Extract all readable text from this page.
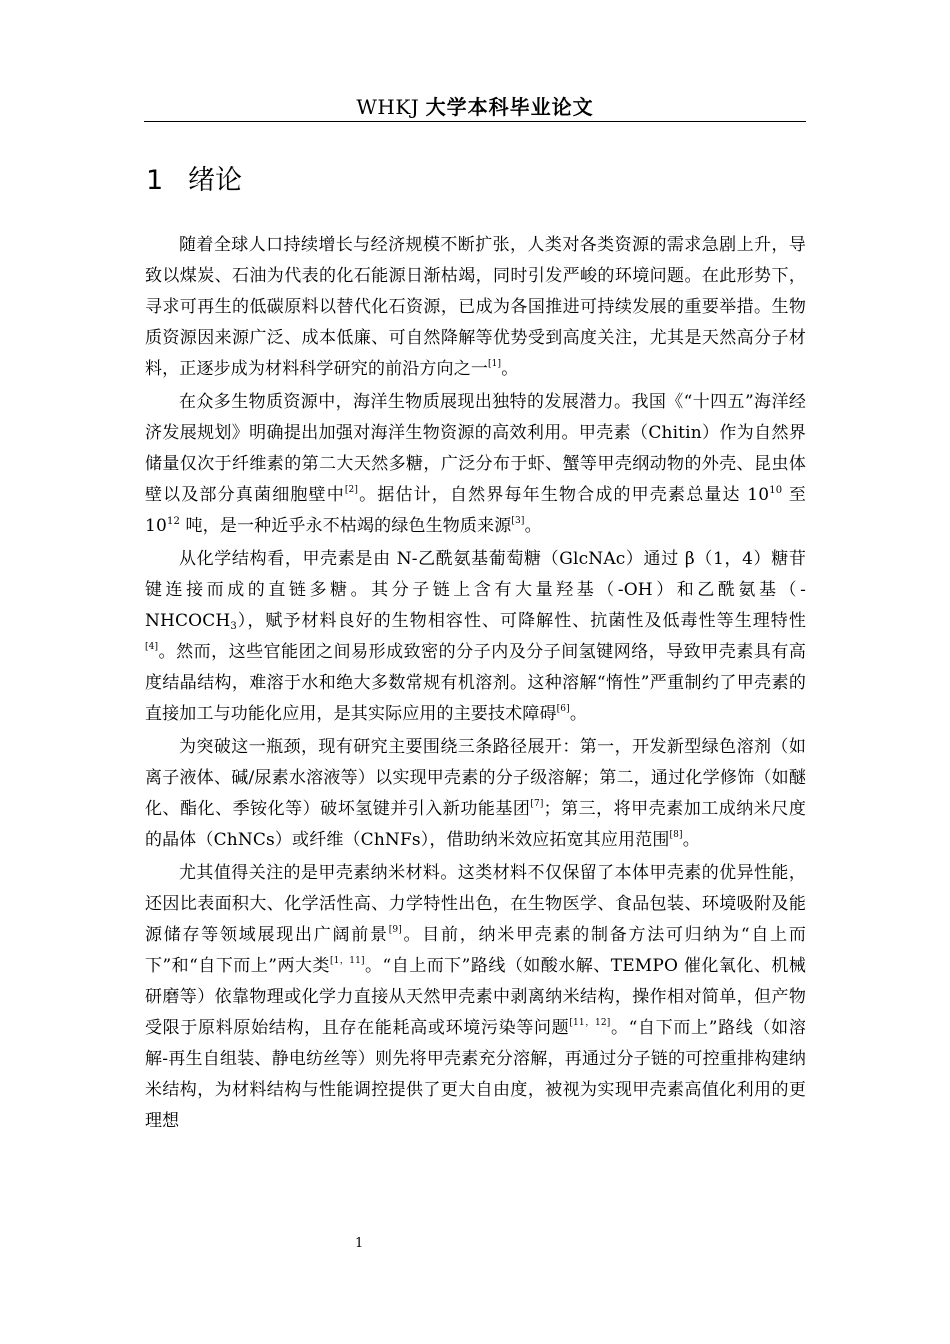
WHKJ 大学本科毕业论文
1 绪论

随着全球人口持续增长与经济规模不断扩张，人类对各类资源的需求急剧上升，导致以煤炭、石油为代表的化石能源日渐枯竭，同时引发严峻的环境问题。在此形势下，寻求可再生的低碳原料以替代化石资源，已成为各国推进可持续发展的重要举措。生物质资源因来源广泛、成本低廉、可自然降解等优势受到高度关注，尤其是天然高分子材料，正逐步成为材料科学研究的前沿方向之一[1]。

在众多生物质资源中，海洋生物质展现出独特的发展潜力。我国《“十四五”海洋经济发展规划》明确提出加强对海洋生物资源的高效利用。甲壳素（Chitin）作为自然界储量仅次于纤维素的第二大天然多糖，广泛分布于虾、蟹等甲壳纲动物的外壳、昆虫体壁以及部分真菌细胞壁中[2]。据估计，自然界每年生物合成的甲壳素总量达 $10^{10}$ 至 $10^{12}$ 吨，是一种近乎永不枯竭的绿色生物质来源[3]。

从化学结构看，甲壳素是由 N-乙酰氨基葡萄糖（GlcNAc）通过 β（1，4）糖苷键连接而成的直链多糖。其分子链上含有大量羟基（-OH）和乙酰氨基$(-NHCOCH_3)$，赋予材料良好的生物相容性、可降解性、抗菌性及低毒性等生理特性[4]。然而，这些官能团之间易形成致密的分子内及分子间氢键网络，导致甲壳素具有高度结晶结构，难溶于水和绝大多数常规有机溶剂。这种溶解“惰性”严重制约了甲壳素的直接加工与功能化应用，是其实际应用的主要技术障碍[6]。

为突破这一瓶颈，现有研究主要围绕三条路径展开：第一，开发新型绿色溶剂（如离子液体、碱/尿素水溶液等）以实现甲壳素的分子级溶解；第二，通过化学修饰（如醚化、酯化、季铵化等）破坏氢键并引入新功能基团[7]；第三，将甲壳素加工成纳米尺度的晶体（ChNCs）或纤维（ChNFs），借助纳米效应拓宽其应用范围[8]。

尤其值得关注的是甲壳素纳米材料。这类材料不仅保留了本体甲壳素的优异性能，还因比表面积大、化学活性高、力学特性出色，在生物医学、食品包装、环境吸附及能源储存等领域展现出广阔前景[9]。目前，纳米甲壳素的制备方法可归纳为“自上而下”和“自下而上”两大类[1，11]。“自上而下”路线（如酸水解、TEMPO 催化氧化、机械研磨等）依靠物理或化学力直接从天然甲壳素中剥离纳米结构，操作相对简单，但产物受限于原料原始结构，且存在能耗高或环境污染等问题[11，12]。“自下而上”路线（如溶解-再生自组装、静电纺丝等）则先将甲壳素充分溶解，再通过分子链的可控重排构建纳米结构，为材料结构与性能调控提供了更大自由度，被视为实现甲壳素高值化利用的更理想

1
